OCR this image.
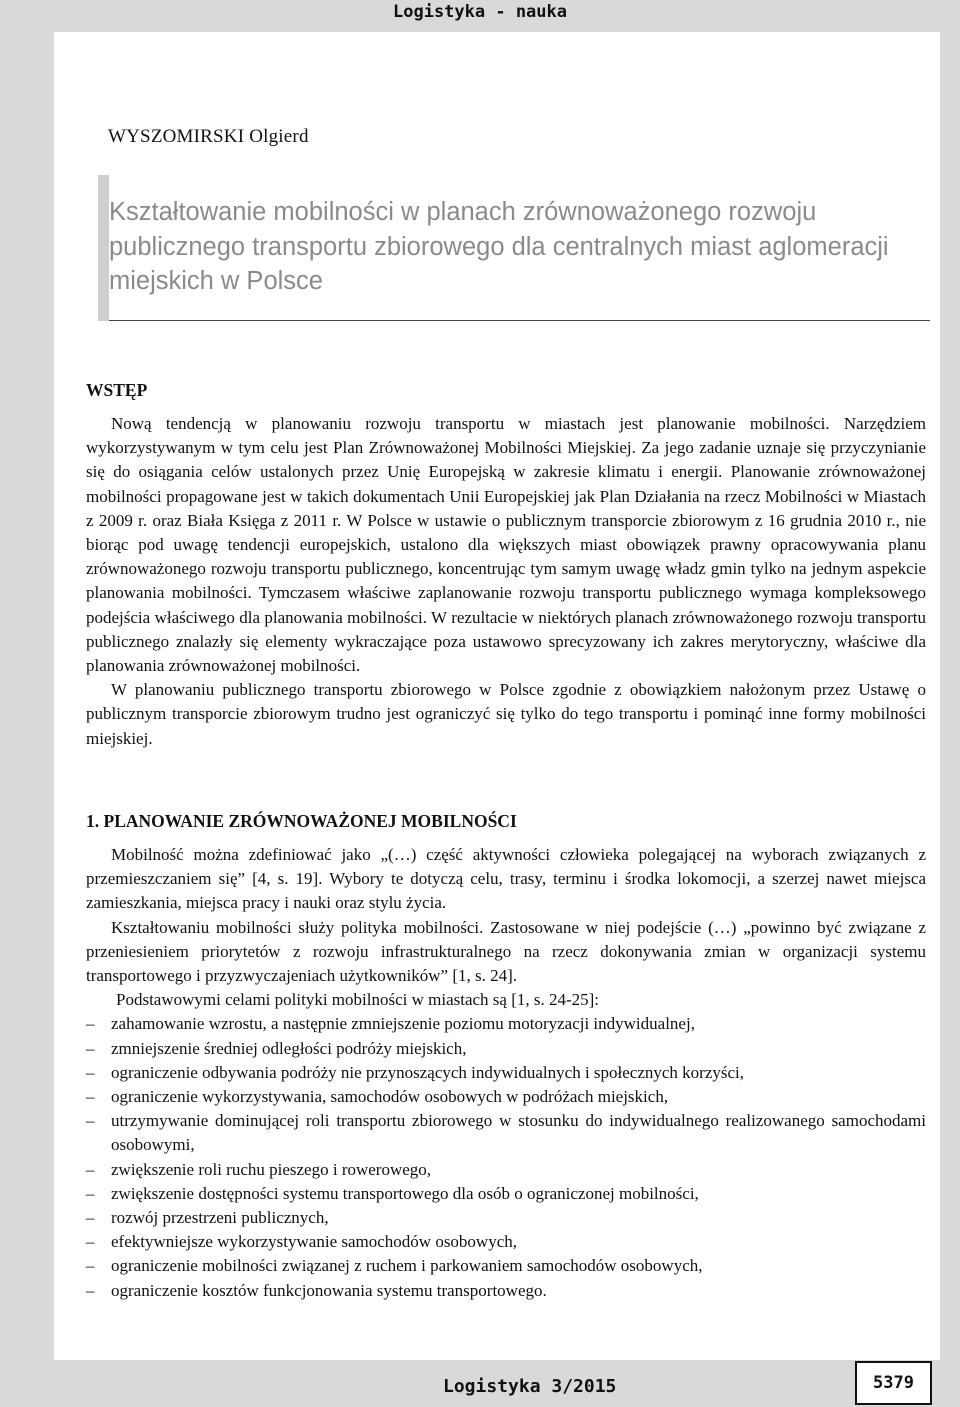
Logistyka - nauka
WYSZOMIRSKI Olgierd
Kształtowanie mobilności w planach zrównoważonego rozwoju
publicznego transportu zbiorowego dla centralnych miast aglomeracji
miejskich w Polsce
WSTĘP

Nową tendencją w planowaniu rozwoju transportu w miastach jest planowanie mobilności. Narzędziem wykorzystywanym w tym celu jest Plan Zrównoważonej Mobilności Miejskiej. Za jego zadanie uznaje się przyczynianie się do osiągania celów ustalonych przez Unię Europejską w zakresie klimatu i energii. Planowanie zrównoważonej mobilności propagowane jest w takich dokumentach Unii Europejskiej jak Plan Działania na rzecz Mobilności w Miastach z 2009 r. oraz Biała Księga z 2011 r. W Polsce w ustawie o publicznym transporcie zbiorowym z 16 grudnia 2010 r., nie biorąc pod uwagę tendencji europejskich, ustalono dla większych miast obowiązek prawny opracowywania planu zrównoważonego rozwoju transportu publicznego, koncentrując tym samym uwagę władz gmin tylko na jednym aspekcie planowania mobilności. Tymczasem właściwe zaplanowanie rozwoju transportu publicznego wymaga kompleksowego podejścia właściwego dla planowania mobilności. W rezultacie w niektórych planach zrównoważonego rozwoju transportu publicznego znalazły się elementy wykraczające poza ustawowo sprecyzowany ich zakres merytoryczny, właściwe dla planowania zrównoważonej mobilności.

W planowaniu publicznego transportu zbiorowego w Polsce zgodnie z obowiązkiem nałożonym przez Ustawę o publicznym transporcie zbiorowym trudno jest ograniczyć się tylko do tego transportu i pominąć inne formy mobilności miejskiej.

1. PLANOWANIE ZRÓWNOWAŻONEJ MOBILNOŚCI

Mobilność można zdefiniować jako „(…) część aktywności człowieka polegającej na wyborach związanych z przemieszczaniem się” [4, s. 19]. Wybory te dotyczą celu, trasy, terminu i środka lokomocji, a szerzej nawet miejsca zamieszkania, miejsca pracy i nauki oraz stylu życia.

Kształtowaniu mobilności służy polityka mobilności. Zastosowane w niej podejście (…) „powinno być związane z przeniesieniem priorytetów z rozwoju infrastrukturalnego na rzecz dokonywania zmian w organizacji systemu transportowego i przyzwyczajeniach użytkowników” [1, s. 24].

Podstawowymi celami polityki mobilności w miastach są [1, s. 24-25]:

– zahamowanie wzrostu, a następnie zmniejszenie poziomu motoryzacji indywidualnej,
– zmniejszenie średniej odległości podróży miejskich,
– ograniczenie odbywania podróży nie przynoszących indywidualnych i społecznych korzyści,
– ograniczenie wykorzystywania, samochodów osobowych w podróżach miejskich,
– utrzymywanie dominującej roli transportu zbiorowego w stosunku do indywidualnego realizowanego samochodami osobowymi,
– zwiększenie roli ruchu pieszego i rowerowego,
– zwiększenie dostępności systemu transportowego dla osób o ograniczonej mobilności,
– rozwój przestrzeni publicznych,
– efektywniejsze wykorzystywanie samochodów osobowych,
– ograniczenie mobilności związanej z ruchem i parkowaniem samochodów osobowych,
– ograniczenie kosztów funkcjonowania systemu transportowego.
Logistyka 3/2015	5379
